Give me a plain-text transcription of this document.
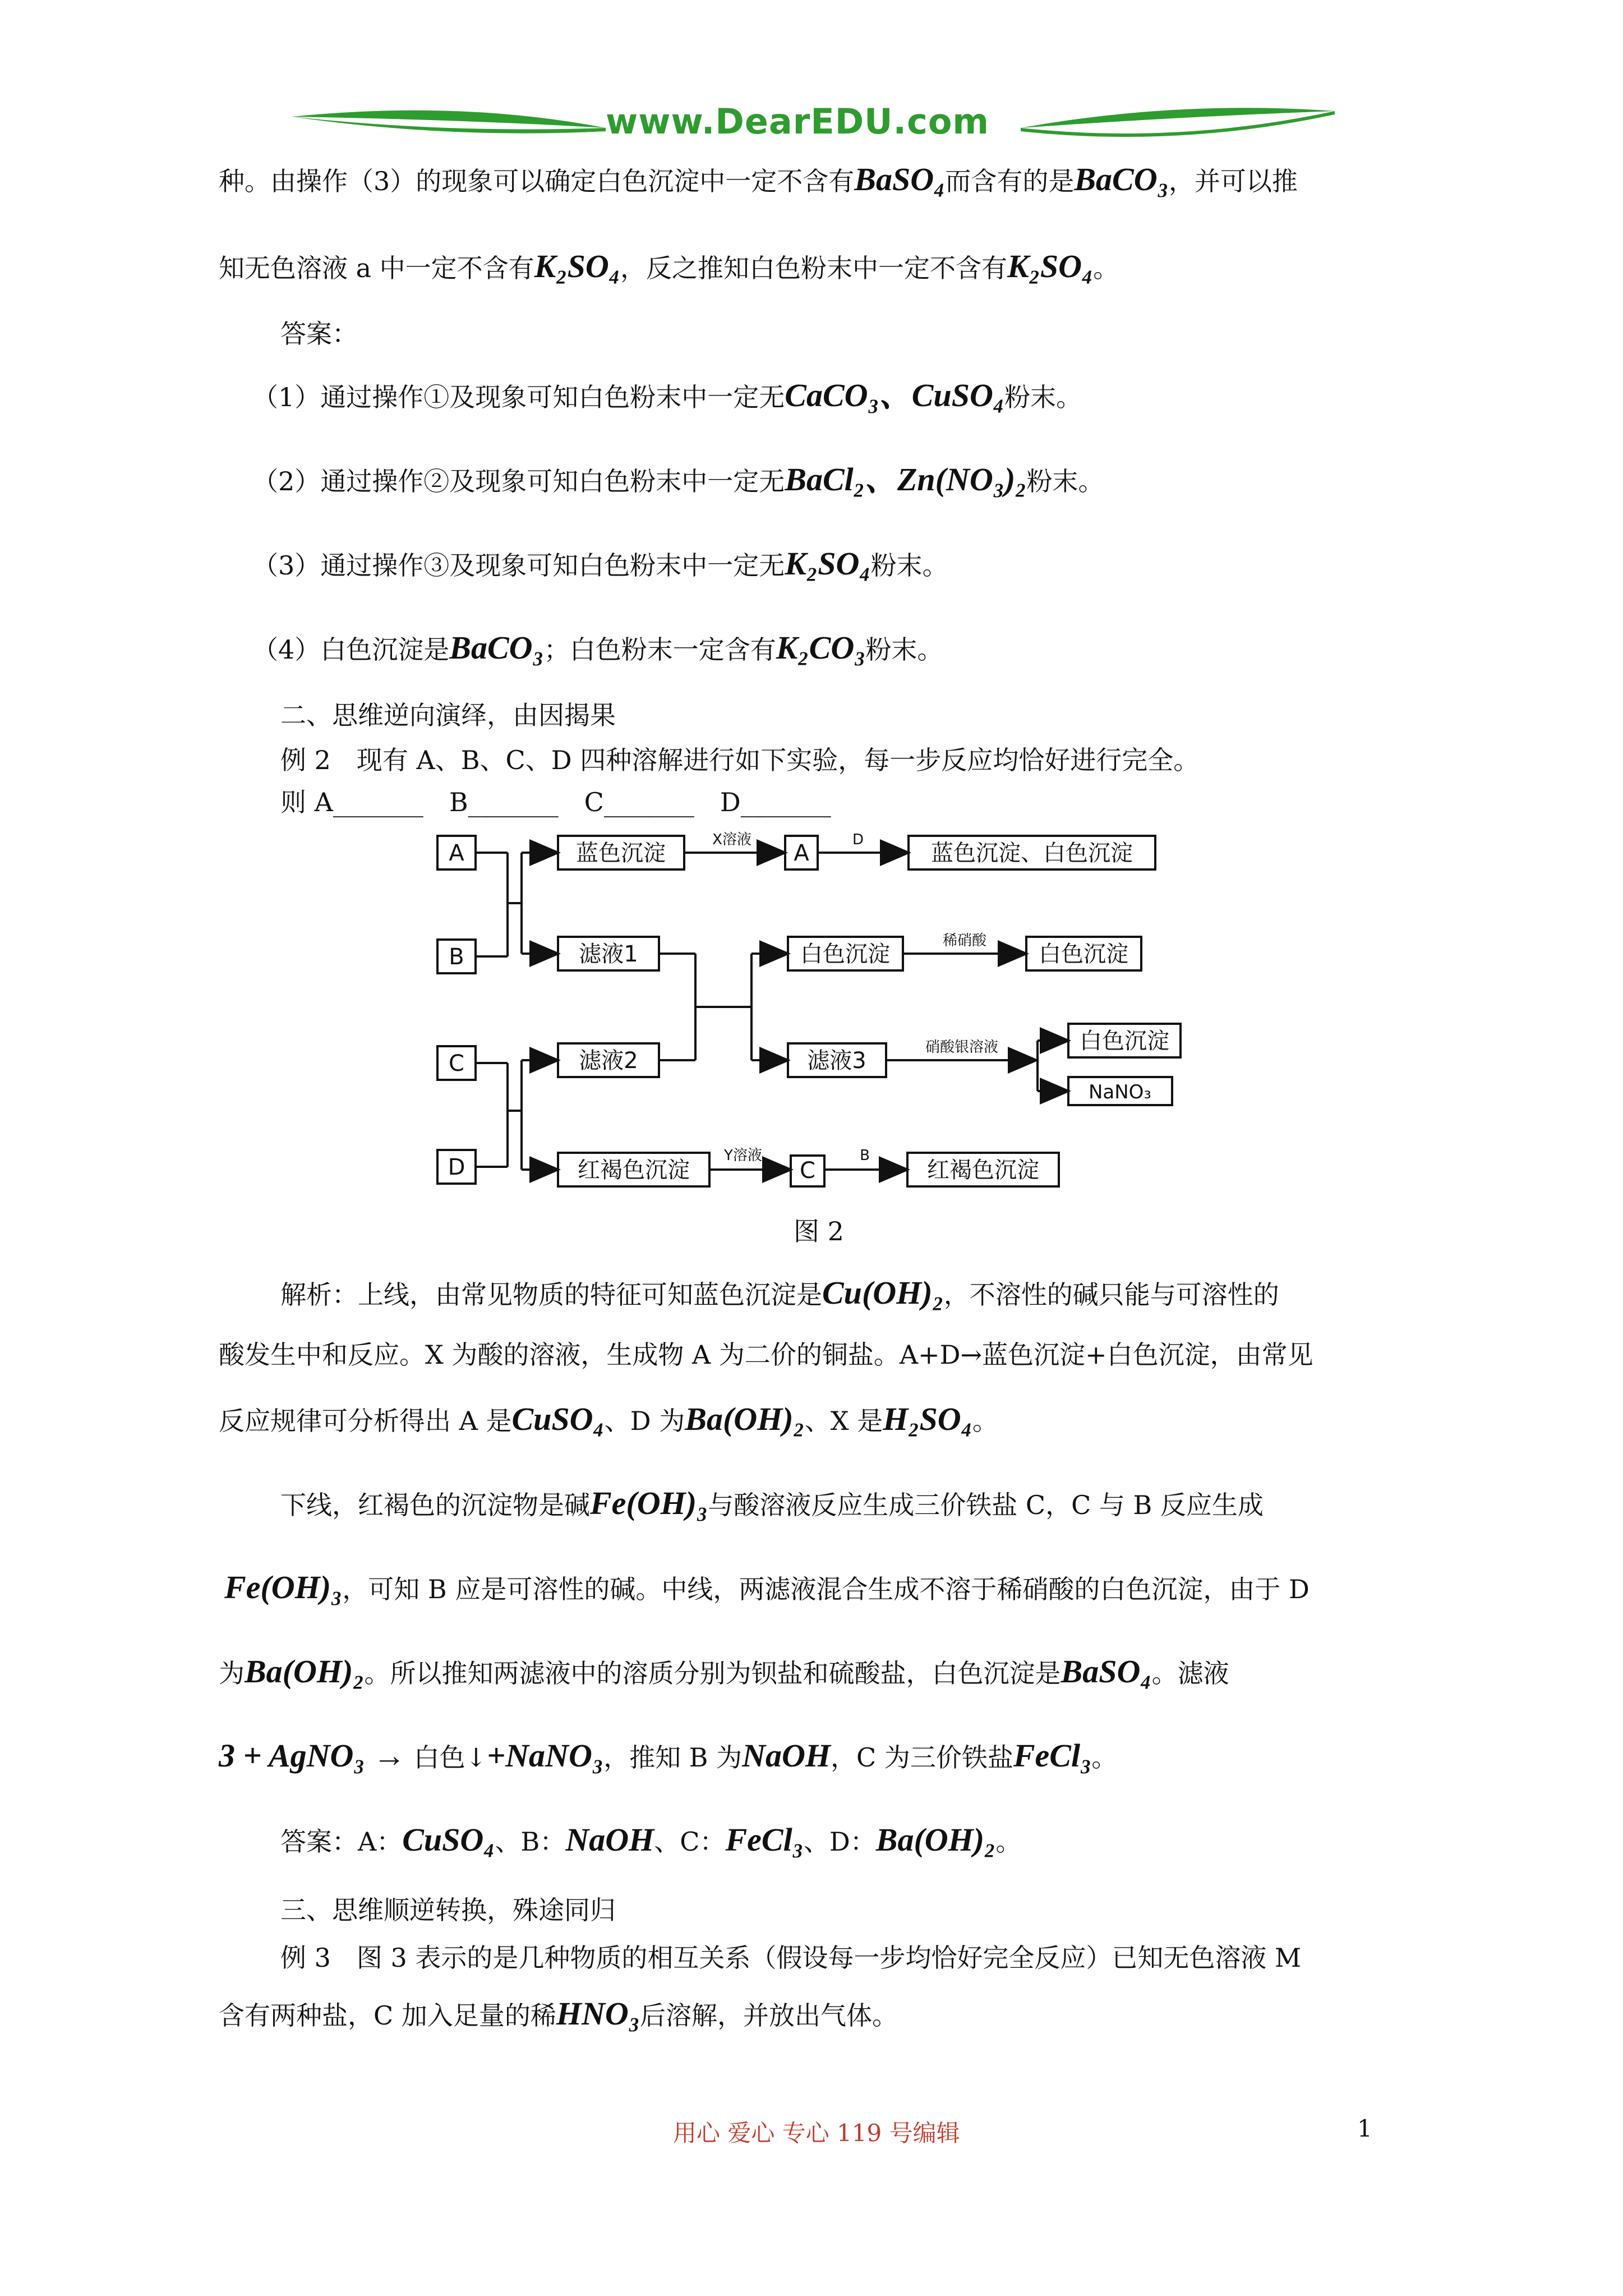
www.DearEDU.com
种。由操作（3）的现象可以确定白色沉淀中一定不含有BaSO₄而含有的是BaCO₃，并可以推
知无色溶液 a 中一定不含有K₂SO₄，反之推知白色粉末中一定不含有K₂SO₄。
答案：
（1）通过操作①及现象可知白色粉末中一定无CaCO₃、CuSO₄粉末。
（2）通过操作②及现象可知白色粉末中一定无BaCl₂、Zn(NO₃)₂粉末。
（3）通过操作③及现象可知白色粉末中一定无K₂SO₄粉末。
（4）白色沉淀是BaCO₃；白色粉末一定含有K₂CO₃粉末。
二、思维逆向演绎，由因揭果
例 2　现有 A、B、C、D 四种溶解进行如下实验，每一步反应均恰好进行完全。
则 A_______　B_______　C_______　D_______
A
B
C
D
蓝色沉淀	A	蓝色沉淀、白色沉淀
滤液1	白色沉淀	白色沉淀
滤液2	滤液3
白色沉淀
NaNO₃
红褐色沉淀	C	红褐色沉淀
X溶液	D
稀硝酸
硝酸银溶液
Y溶液	B
图 2
解析：上线，由常见物质的特征可知蓝色沉淀是Cu(OH)₂，不溶性的碱只能与可溶性的
酸发生中和反应。X 为酸的溶液，生成物 A 为二价的铜盐。A+D→蓝色沉淀+白色沉淀，由常见
反应规律可分析得出 A 是CuSO₄、D 为Ba(OH)₂、X 是H₂SO₄。
下线，红褐色的沉淀物是碱Fe(OH)₃与酸溶液反应生成三价铁盐 C，C 与 B 反应生成
Fe(OH)₃，可知 B 应是可溶性的碱。中线，两滤液混合生成不溶于稀硝酸的白色沉淀，由于 D
为Ba(OH)₂。所以推知两滤液中的溶质分别为钡盐和硫酸盐，白色沉淀是BaSO₄。滤液
3 + AgNO₃ → 白色↓+NaNO₃，推知 B 为NaOH，C 为三价铁盐FeCl₃。
答案：A：CuSO₄、B：NaOH、C：FeCl₃、D：Ba(OH)₂。
三、思维顺逆转换，殊途同归
例 3　图 3 表示的是几种物质的相互关系（假设每一步均恰好完全反应）已知无色溶液 M
含有两种盐，C 加入足量的稀HNO₃后溶解，并放出气体。
用心 爱心 专心 119 号编辑	1
